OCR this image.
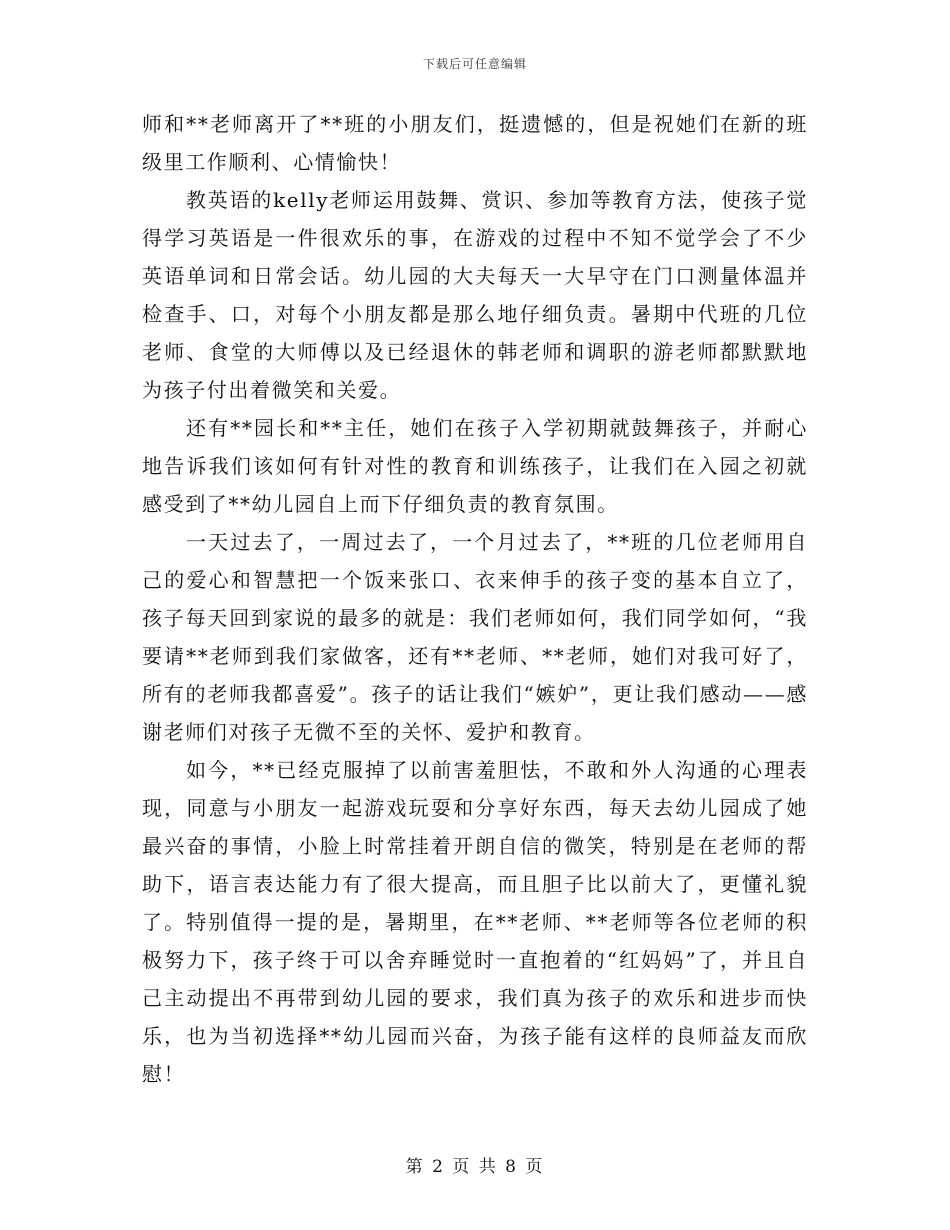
下载后可任意编辑

师和**老师离开了**班的小朋友们，挺遗憾的，但是祝她们在新的班级里工作顺利、心情愉快！

教英语的kelly老师运用鼓舞、赏识、参加等教育方法，使孩子觉得学习英语是一件很欢乐的事，在游戏的过程中不知不觉学会了不少英语单词和日常会话。幼儿园的大夫每天一大早守在门口测量体温并检查手、口，对每个小朋友都是那么地仔细负责。暑期中代班的几位老师、食堂的大师傅以及已经退休的韩老师和调职的游老师都默默地为孩子付出着微笑和关爱。

还有**园长和**主任，她们在孩子入学初期就鼓舞孩子，并耐心地告诉我们该如何有针对性的教育和训练孩子，让我们在入园之初就感受到了**幼儿园自上而下仔细负责的教育氛围。

一天过去了，一周过去了，一个月过去了，**班的几位老师用自己的爱心和智慧把一个饭来张口、衣来伸手的孩子变的基本自立了，孩子每天回到家说的最多的就是：我们老师如何，我们同学如何，“我要请**老师到我们家做客，还有**老师、**老师，她们对我可好了，所有的老师我都喜爱”。孩子的话让我们“嫉妒”，更让我们感动——感谢老师们对孩子无微不至的关怀、爱护和教育。

如今，**已经克服掉了以前害羞胆怯，不敢和外人沟通的心理表现，同意与小朋友一起游戏玩耍和分享好东西，每天去幼儿园成了她最兴奋的事情，小脸上时常挂着开朗自信的微笑，特别是在老师的帮助下，语言表达能力有了很大提高，而且胆子比以前大了，更懂礼貌了。特别值得一提的是，暑期里，在**老师、**老师等各位老师的积极努力下，孩子终于可以舍弃睡觉时一直抱着的“红妈妈”了，并且自己主动提出不再带到幼儿园的要求，我们真为孩子的欢乐和进步而快乐，也为当初选择**幼儿园而兴奋，为孩子能有这样的良师益友而欣慰！

第 2 页 共 8 页
